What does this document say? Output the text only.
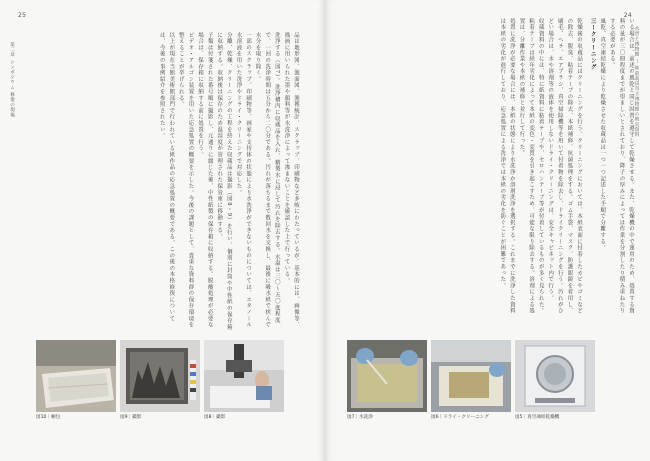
25
第二章 シンポジウム 修復の現場	品は地形図、漁面図、漁獲統計、スクラップ、印刷物など多岐にわたっているが、基本的には、画像等、描画に用いられた墨や顔料等が水洗浄によって滲まないことを確認した上で行っている。

洗浄する（図7）。洗浄槽内に収蔵品を入れ、精製水に浸して汚れを除去する。水温は三〇～五〇度程度で、一回の洗浄時間は五分から二〇分である。汚れが落ちるまで数回水を交換し、最後に吸水紙で挟んで水分を取り除く。

一部のスクラップ、印刷物等、画家や支持体の状態により水洗浄ができないものについては、エタノール水溶液を用いた洗浄やドライ・クリーニングで対応した。

分離、乾燥、クリーニングの工程を終えた収蔵品は撮影（図8・9）を行い、個別に封筒や中性紙の保存箱に収納する。収納後は保存のため温湿度が管理された保管庫に移動する。

子類は付箋された番号順に撮影し、元通りに綴じた後、中性紙製の保存箱に収納する。脱酸処理が必要な場合は、保存箱に収納する前に処置を行う。

ビデオ・アルゴン装置を用いた応急処置の概要を示した。今後の課題として、貴重な資料群の保存環境を整えることが挙げられる。

以上が現在当館美術館部門で行われている紙作品の応急処置の概要である。この後の本格修復については、今後の事例紹介を参照されたい。

図10｜梱包	図9｜撮影	図8｜撮影
24
水害と博物館 — 陸前高田市立博物館の被災資料

いる場合は、前述の風乾と同じ因習を遵守して乾燥させる。また、乾燥機の中で運用のため、処置する資料の量が三〇冊程度までが望ましいとされており、降子の厚みによっては作業を分割したり積み重ねたりする必要がある。

風乾、真空凍結乾燥により乾燥させた収蔵品は一つ一つ記述した手順で分離する。

三ークリーニング

乾燥後の収蔵品にはクリーニングを行う。クリーニングにおいては、本紙表面に付着したカビやゴミなどの除去、脱臭、粘着テープの除去、本紙補修、抗菌処理をする。ゴム手袋、マスク、防護眼鏡を着用し、刷毛、ヘラ、エアブラシ、真空掃除機等を用いて付着物を除去し、ドライクリーニングを行う。汚れがひどい場合は、水や溶剤等の液体を使用しないドライ・クリーニングは、安全キャビネット内で行う。

収蔵資料の中には、特に紙資料に粘着テープや、セロハンテープ等が付着しているものが多く見られた。粘着テープは経年劣化によって本紙の変色・変質を引き起こすため、可能な限り除去する。溶剤による処置は、分離作業や本紙の補修と並行して行った。

処置に洗浄が必要な場合には、本紙の状態により水洗浄か溶剤洗浄を選択する。これまでに洗浄した資料は本紙の劣化が進行しており、応急処置による洗浄では本紙の劣化を防ぐことが困難であった。

図7｜水洗浄	図6｜ドライ・クリーニング	図5｜真空凍結乾燥機
